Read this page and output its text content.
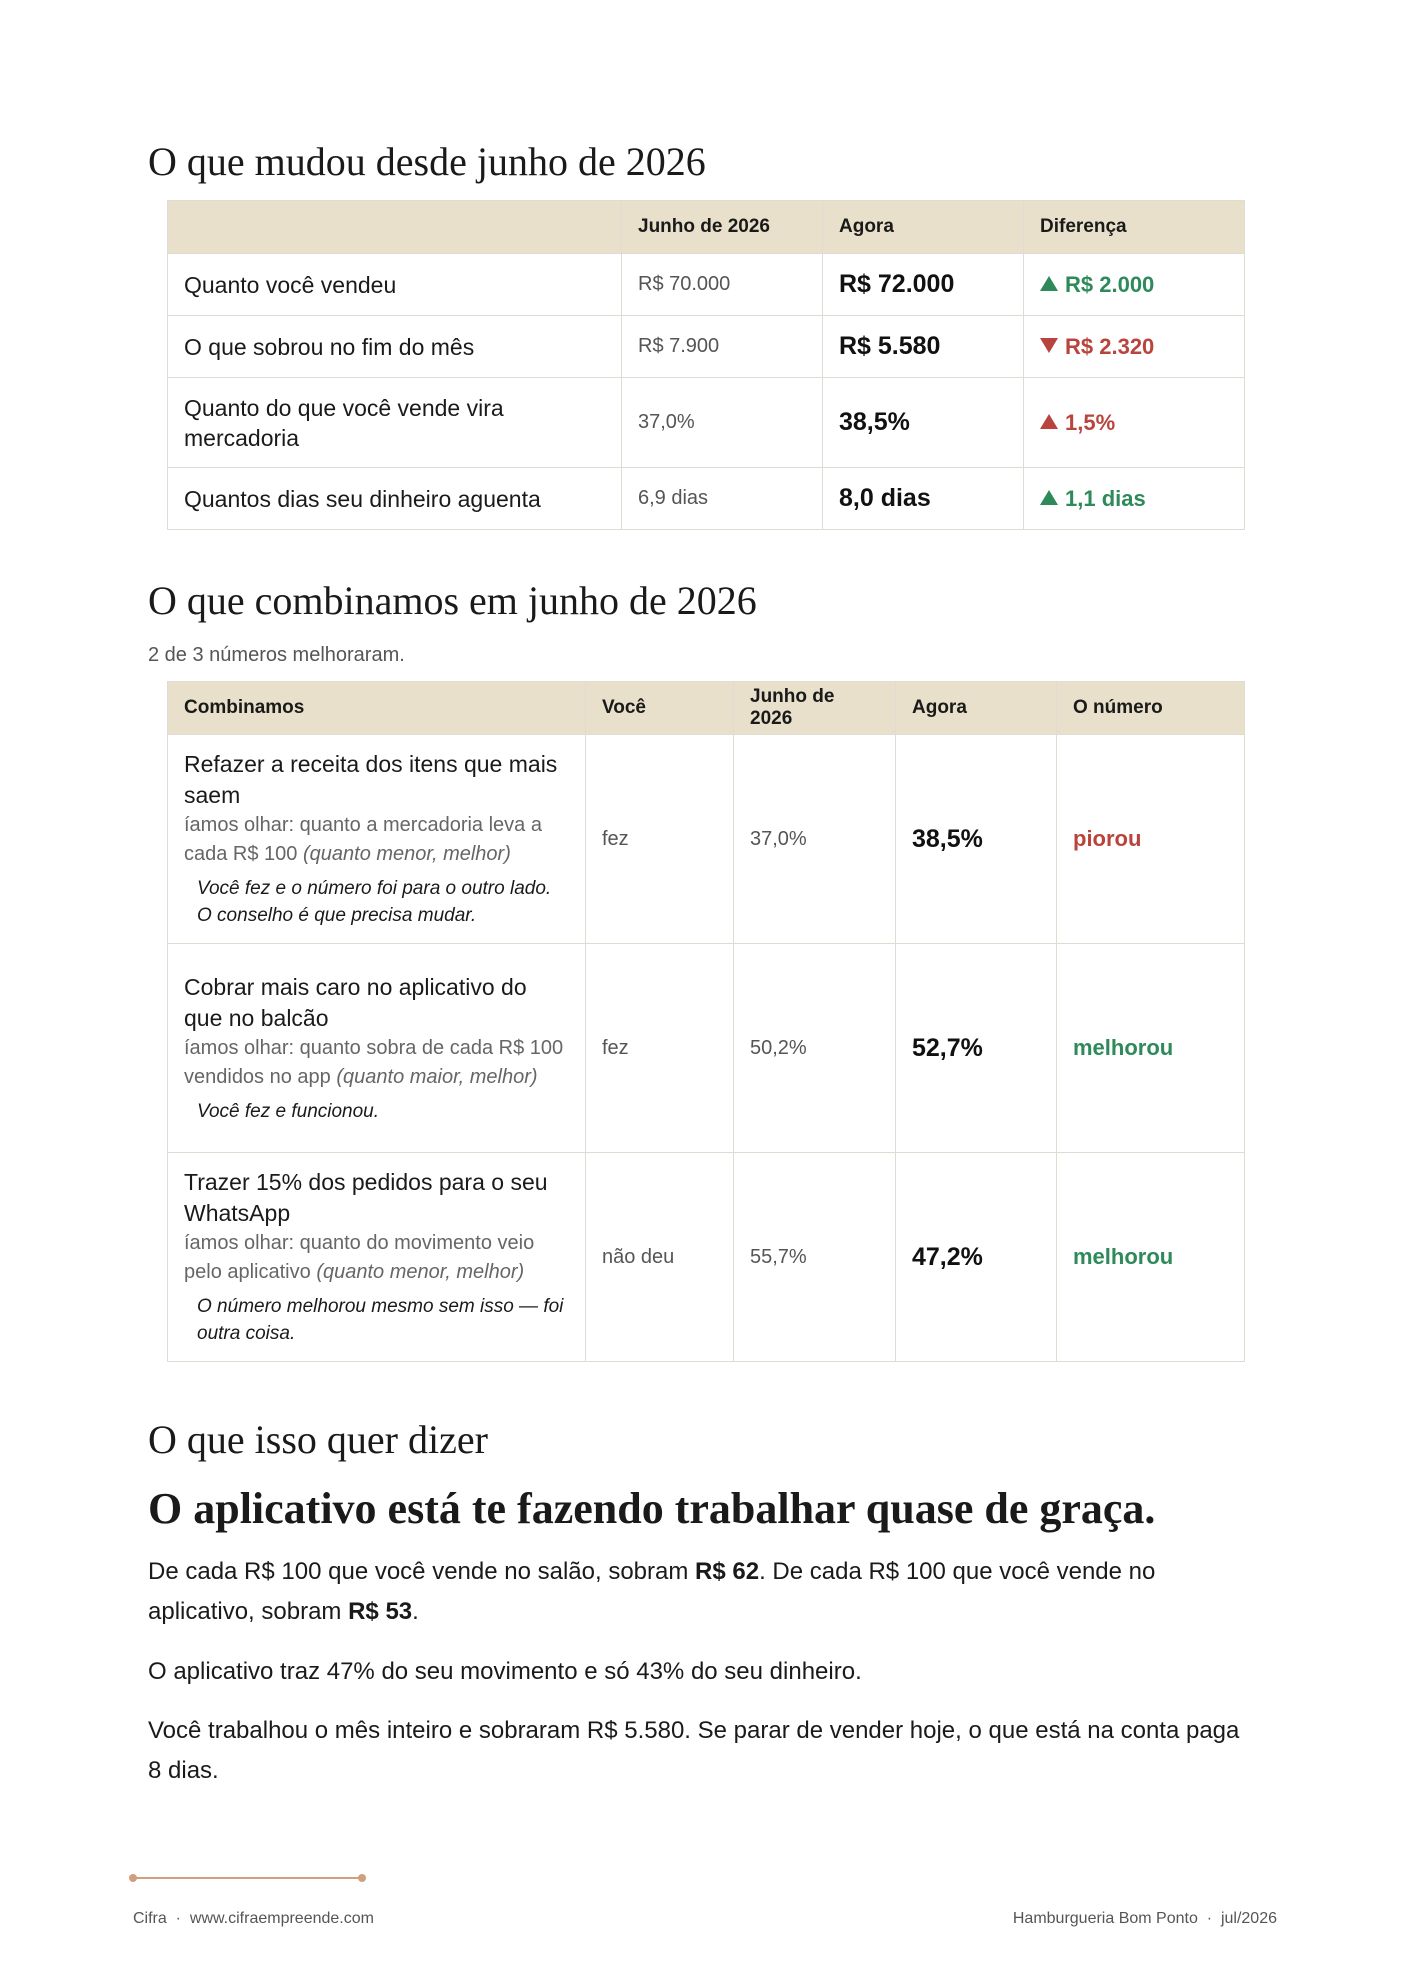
O que mudou desde junho de 2026
	Junho de 2026	Agora	Diferença
Quanto você vendeu	R$ 70.000	R$ 72.000	R$ 2.000
O que sobrou no fim do mês	R$ 7.900	R$ 5.580	R$ 2.320
Quanto do que você vende vira mercadoria	37,0%	38,5%	1,5%
Quantos dias seu dinheiro aguenta	6,9 dias	8,0 dias	1,1 dias
O que combinamos em junho de 2026
2 de 3 números melhoraram.
Combinamos	Você	Junho de 2026	Agora	O número

Refazer a receita dos itens que mais saem
íamos olhar: quanto a mercadoria leva a cada R$ 100 (quanto menor, melhor)
Você fez e o número foi para o outro lado. O conselho é que precisa mudar.	fez	37,0%	38,5%	piorou

Cobrar mais caro no aplicativo do que no balcão
íamos olhar: quanto sobra de cada R$ 100 vendidos no app (quanto maior, melhor)
Você fez e funcionou.	fez	50,2%	52,7%	melhorou

Trazer 15% dos pedidos para o seu WhatsApp
íamos olhar: quanto do movimento veio pelo aplicativo (quanto menor, melhor)
O número melhorou mesmo sem isso — foi outra coisa.	não deu	55,7%	47,2%	melhorou
O que isso quer dizer
O aplicativo está te fazendo trabalhar quase de graça.

De cada R$ 100 que você vende no salão, sobram R$ 62. De cada R$ 100 que você vende no aplicativo, sobram R$ 53.

O aplicativo traz 47% do seu movimento e só 43% do seu dinheiro.

Você trabalhou o mês inteiro e sobraram R$ 5.580. Se parar de vender hoje, o que está na conta paga 8 dias.

Cifra  ·  www.cifraempreende.com	Hamburgueria Bom Ponto  ·  jul/2026
